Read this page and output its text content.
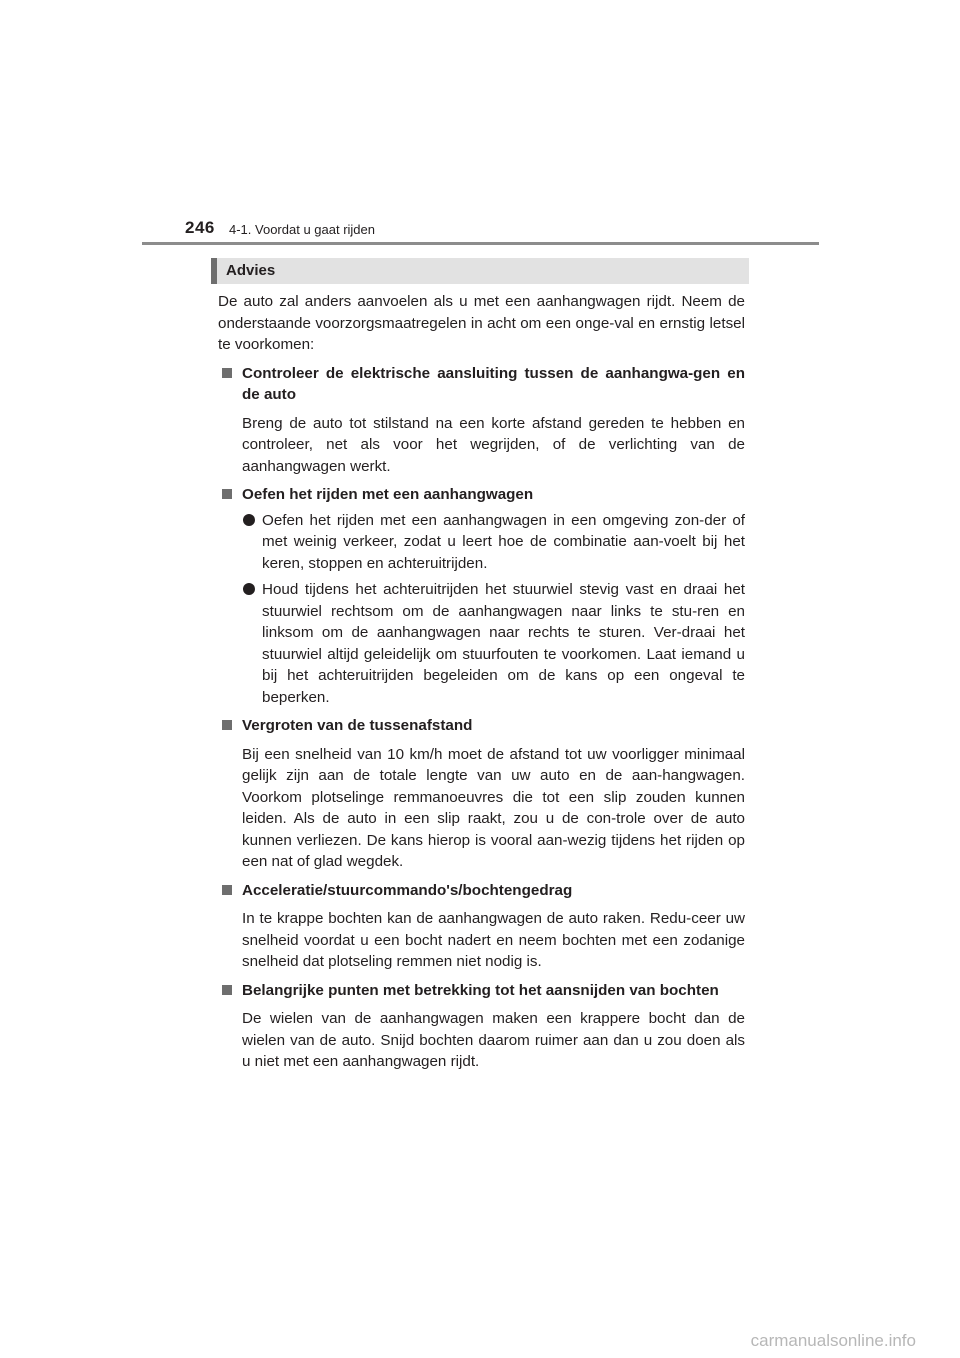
246 4-1. Voordat u gaat rijden
Advies

De auto zal anders aanvoelen als u met een aanhangwagen rijdt. Neem de onderstaande voorzorgsmaatregelen in acht om een onge-val en ernstig letsel te voorkomen:

Controleer de elektrische aansluiting tussen de aanhangwa-gen en de auto

Breng de auto tot stilstand na een korte afstand gereden te hebben en controleer, net als voor het wegrijden, of de verlichting van de aanhangwagen werkt.

Oefen het rijden met een aanhangwagen

Oefen het rijden met een aanhangwagen in een omgeving zon-der of met weinig verkeer, zodat u leert hoe de combinatie aan-voelt bij het keren, stoppen en achteruitrijden.

Houd tijdens het achteruitrijden het stuurwiel stevig vast en draai het stuurwiel rechtsom om de aanhangwagen naar links te stu-ren en linksom om de aanhangwagen naar rechts te sturen. Ver-draai het stuurwiel altijd geleidelijk om stuurfouten te voorkomen. Laat iemand u bij het achteruitrijden begeleiden om de kans op een ongeval te beperken.

Vergroten van de tussenafstand

Bij een snelheid van 10 km/h moet de afstand tot uw voorligger minimaal gelijk zijn aan de totale lengte van uw auto en de aan-hangwagen. Voorkom plotselinge remmanoeuvres die tot een slip zouden kunnen leiden. Als de auto in een slip raakt, zou u de con-trole over de auto kunnen verliezen. De kans hierop is vooral aan-wezig tijdens het rijden op een nat of glad wegdek.

Acceleratie/stuurcommando's/bochtengedrag

In te krappe bochten kan de aanhangwagen de auto raken. Redu-ceer uw snelheid voordat u een bocht nadert en neem bochten met een zodanige snelheid dat plotseling remmen niet nodig is.

Belangrijke punten met betrekking tot het aansnijden van bochten

De wielen van de aanhangwagen maken een krappere bocht dan de wielen van de auto. Snijd bochten daarom ruimer aan dan u zou doen als u niet met een aanhangwagen rijdt.

carmanualsonline.info
